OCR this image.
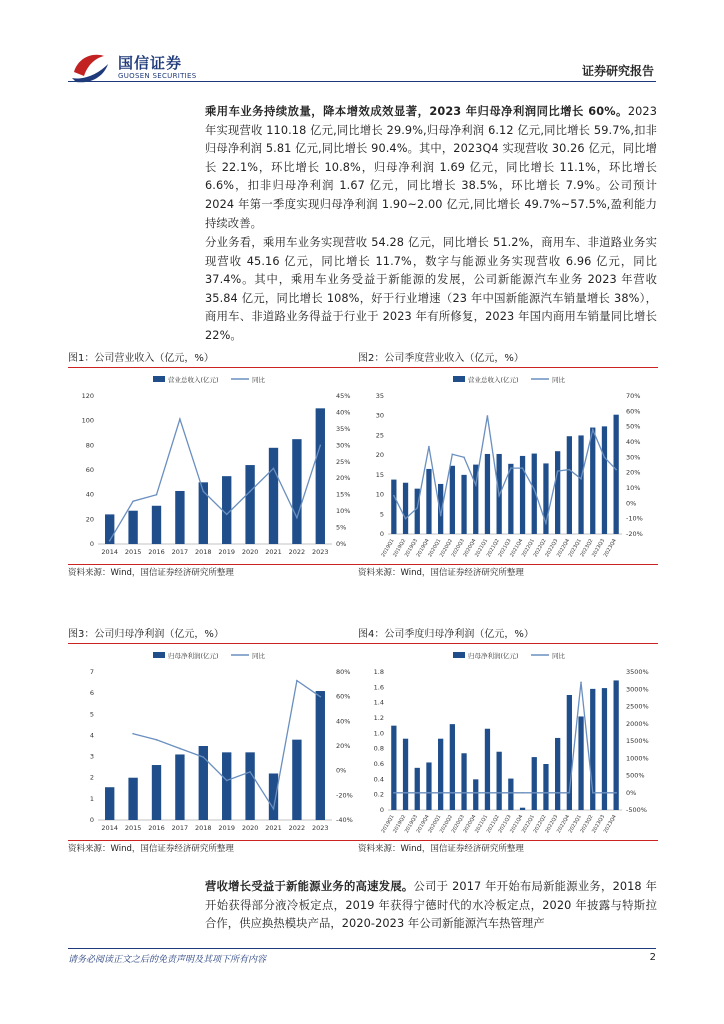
国信证券
GUOSEN SECURITIES	证券研究报告
乘用车业务持续放量，降本增效成效显著，2023 年归母净利润同比增长 60%。2023 年实现营收 110.18 亿元,同比增长 29.9%,归母净利润 6.12 亿元,同比增长 59.7%,扣非归母净利润 5.81 亿元,同比增长 90.4%。其中，2023Q4 实现营收 30.26 亿元，同比增长 22.1%，环比增长 10.8%，归母净利润 1.69 亿元，同比增长 11.1%，环比增长 6.6%，扣非归母净利润 1.67 亿元，同比增长 38.5%，环比增长 7.9%。公司预计 2024 年第一季度实现归母净利润 1.90~2.00 亿元,同比增长 49.7%~57.5%,盈利能力持续改善。
分业务看，乘用车业务实现营收 54.28 亿元，同比增长 51.2%，商用车、非道路业务实现营收 45.16 亿元，同比增长 11.7%，数字与能源业务实现营收 6.96 亿元，同比 37.4%。其中，乘用车业务受益于新能源的发展，公司新能源汽车业务 2023 年营收 35.84 亿元，同比增长 108%，好于行业增速（23 年中国新能源汽车销量增长 38%），商用车、非道路业务得益于行业于 2023 年有所修复，2023 年国内商用车销量同比增长 22%。
图1：公司营业收入（亿元，%）
营业总收入(亿元)	同比
0
20
40
60
80
100
120
0%
5%
10%
15%
20%
25%
30%
35%
40%
45%
2014 2015 2016 2017 2018 2019 2020 2021 2022 2023
资料来源：Wind，国信证券经济研究所整理
图2：公司季度营业收入（亿元，%）
营业总收入(亿元)	同比
0
5
10
15
20
25
30
35
-20%
-10%
0%
10%
20%
30%
40%
50%
60%
70%
2019Q1
2019Q2
2019Q3
2019Q4
2020Q1
2020Q2
2020Q3
2020Q4
2021Q1
2021Q2
2021Q3
2021Q4
2022Q1
2022Q2
2022Q3
2022Q4
2023Q1
2023Q2
2023Q3
2023Q4
资料来源：Wind，国信证券经济研究所整理
图3：公司归母净利润（亿元，%）
归母净利润(亿元)	同比
0
1
2
3
4
5
6
7
-40%
-20%
0%
20%
40%
60%
80%
2014 2015 2016 2017 2018 2019 2020 2021 2022 2023
资料来源：Wind，国信证券经济研究所整理
图4：公司季度归母净利润（亿元，%）
归母净利润(亿元)	同比
0
0.2
0.4
0.6
0.8
1.0
1.2
1.4
1.6
1.8
-500%
0%
500%
1000%
1500%
2000%
2500%
3000%
3500%
2019Q1
2019Q2
2019Q3
2019Q4
2020Q1
2020Q2
2020Q3
2020Q4
2021Q1
2021Q2
2021Q3
2021Q4
2022Q1
2022Q2
2022Q3
2022Q4
2023Q1
2023Q2
2023Q3
2023Q4
资料来源：Wind，国信证券经济研究所整理
营收增长受益于新能源业务的高速发展。公司于 2017 年开始布局新能源业务，2018 年开始获得部分液冷板定点，2019 年获得宁德时代的水冷板定点，2020 年披露与特斯拉合作，供应换热模块产品，2020-2023 年公司新能源汽车热管理产
请务必阅读正文之后的免责声明及其项下所有内容	2
